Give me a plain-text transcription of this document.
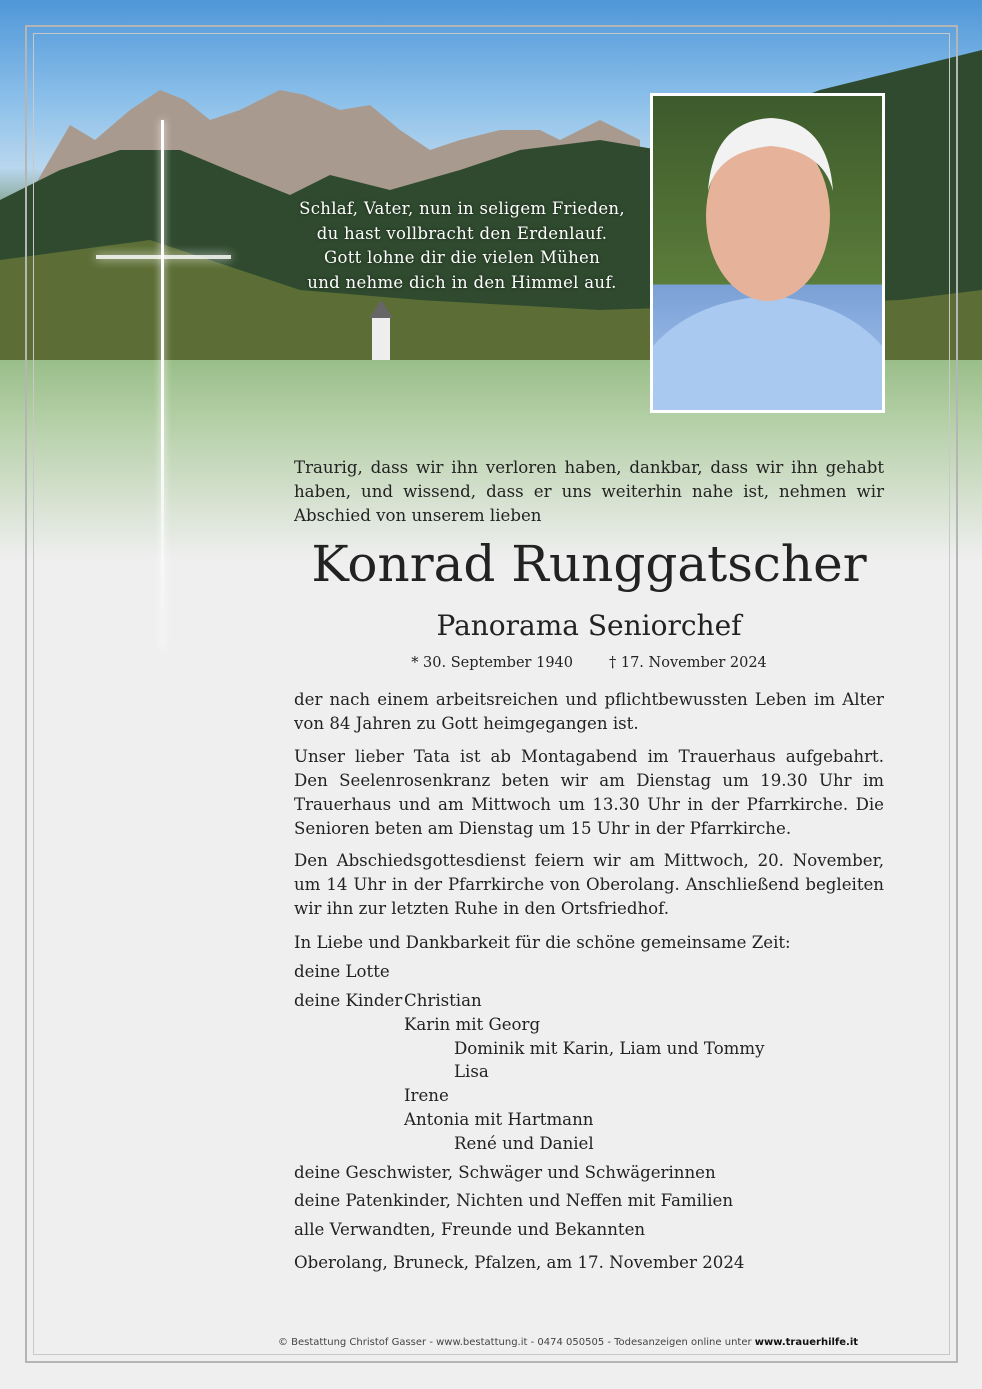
Schlaf, Vater, nun in seligem Frieden,
du hast vollbracht den Erdenlauf.
Gott lohne dir die vielen Mühen
und nehme dich in den Himmel auf.
Traurig, dass wir ihn verloren haben, dankbar, dass wir ihn gehabt haben, und wissend, dass er uns weiterhin nahe ist, nehmen wir Abschied von unserem lieben
Konrad Runggatscher
Panorama Seniorchef
* 30. September 1940 † 17. November 2024
der nach einem arbeitsreichen und pflichtbewussten Leben im Alter von 84 Jahren zu Gott heimgegangen ist.
Unser lieber Tata ist ab Montagabend im Trauerhaus aufgebahrt. Den Seelenrosenkranz beten wir am Dienstag um 19.30 Uhr im Trauerhaus und am Mittwoch um 13.30 Uhr in der Pfarrkirche. Die Senioren beten am Dienstag um 15 Uhr in der Pfarrkirche.
Den Abschiedsgottesdienst feiern wir am Mittwoch, 20. November, um 14 Uhr in der Pfarrkirche von Oberolang. Anschließend begleiten wir ihn zur letzten Ruhe in den Ortsfriedhof.
In Liebe und Dankbarkeit für die schöne gemeinsame Zeit:
deine Lotte
deine Kinder Christian
Karin mit Georg
Dominik mit Karin, Liam und Tommy
Lisa
Irene
Antonia mit Hartmann
René und Daniel
deine Geschwister, Schwäger und Schwägerinnen
deine Patenkinder, Nichten und Neffen mit Familien
alle Verwandten, Freunde und Bekannten
Oberolang, Bruneck, Pfalzen, am 17. November 2024
© Bestattung Christof Gasser - www.bestattung.it - 0474 050505 - Todesanzeigen online unter www.trauerhilfe.it
